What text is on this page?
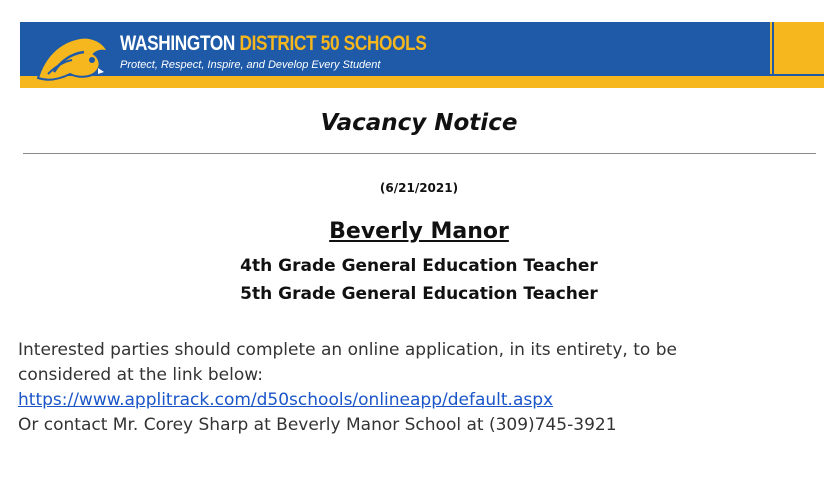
WASHINGTON DISTRICT 50 SCHOOLS
Protect, Respect, Inspire, and Develop Every Student
Vacancy Notice
(6/21/2021)
Beverly Manor
4th Grade General Education Teacher
5th Grade General Education Teacher
Interested parties should complete an online application, in its entirety, to be
considered at the link below:
https://www.applitrack.com/d50schools/onlineapp/default.aspx
Or contact Mr. Corey Sharp at Beverly Manor School at (309)745-3921
